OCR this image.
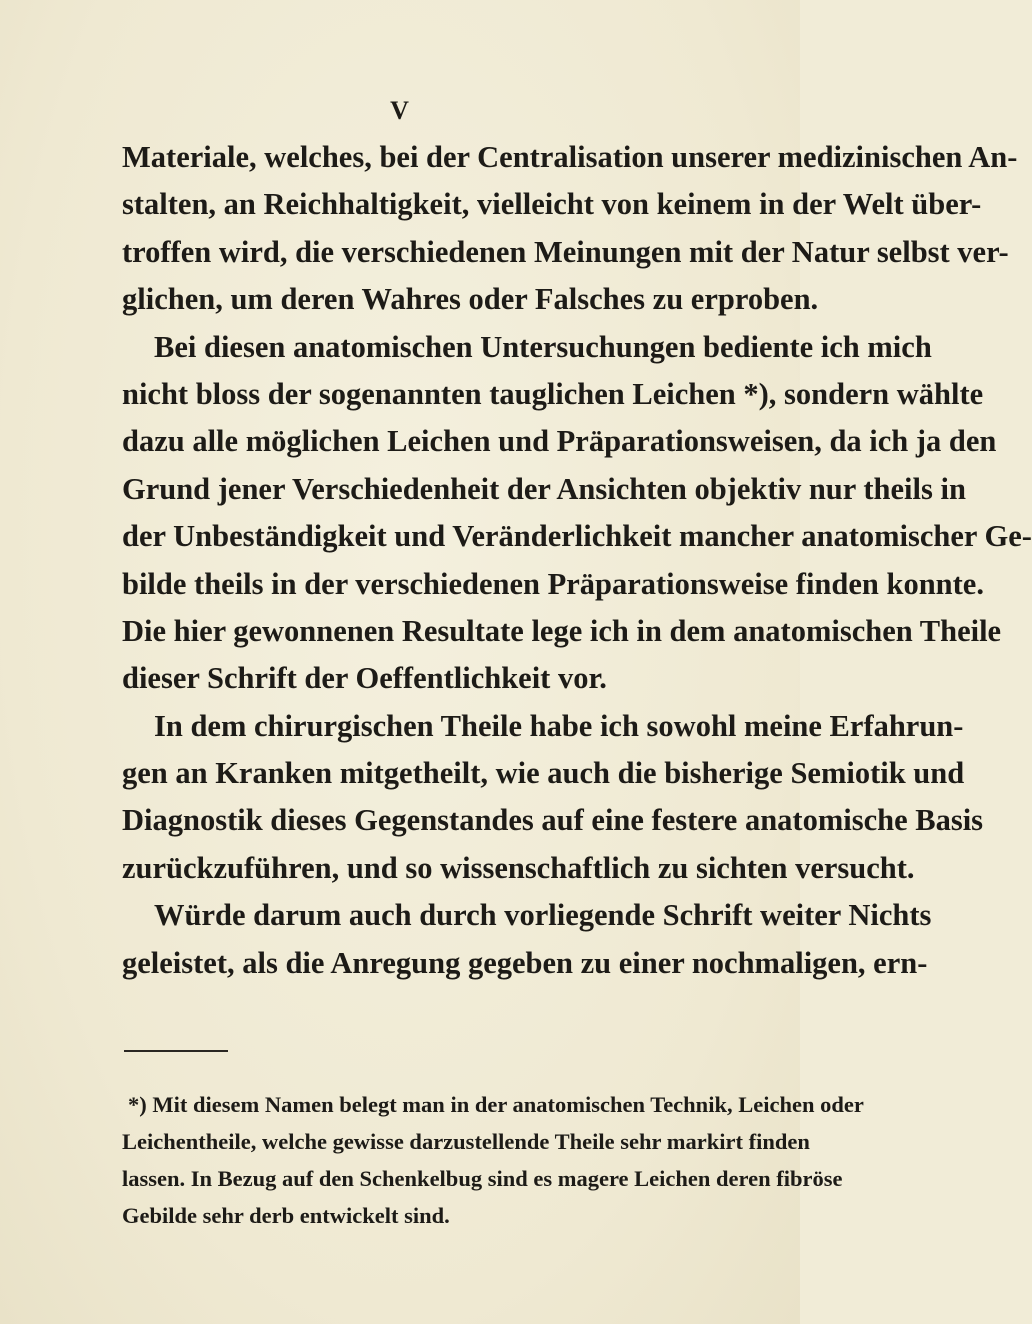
V

Materiale, welches, bei der Centralisation unserer medizinischen An-
stalten, an Reichhaltigkeit, vielleicht von keinem in der Welt über-
troffen wird, die verschiedenen Meinungen mit der Natur selbst ver-
glichen, um deren Wahres oder Falsches zu erproben.
Bei diesen anatomischen Untersuchungen bediente ich mich
nicht bloss der sogenannten tauglichen Leichen *), sondern wählte
dazu alle möglichen Leichen und Präparationsweisen, da ich ja den
Grund jener Verschiedenheit der Ansichten objektiv nur theils in
der Unbeständigkeit und Veränderlichkeit mancher anatomischer Ge-
bilde theils in der verschiedenen Präparationsweise finden konnte.
Die hier gewonnenen Resultate lege ich in dem anatomischen Theile
dieser Schrift der Oeffentlichkeit vor.
In dem chirurgischen Theile habe ich sowohl meine Erfahrun-
gen an Kranken mitgetheilt, wie auch die bisherige Semiotik und
Diagnostik dieses Gegenstandes auf eine festere anatomische Basis
zurückzuführen, und so wissenschaftlich zu sichten versucht.
Würde darum auch durch vorliegende Schrift weiter Nichts
geleistet, als die Anregung gegeben zu einer nochmaligen, ern-
*) Mit diesem Namen belegt man in der anatomischen Technik, Leichen oder
Leichentheile, welche gewisse darzustellende Theile sehr markirt finden
lassen. In Bezug auf den Schenkelbug sind es magere Leichen deren fibröse
Gebilde sehr derb entwickelt sind.
